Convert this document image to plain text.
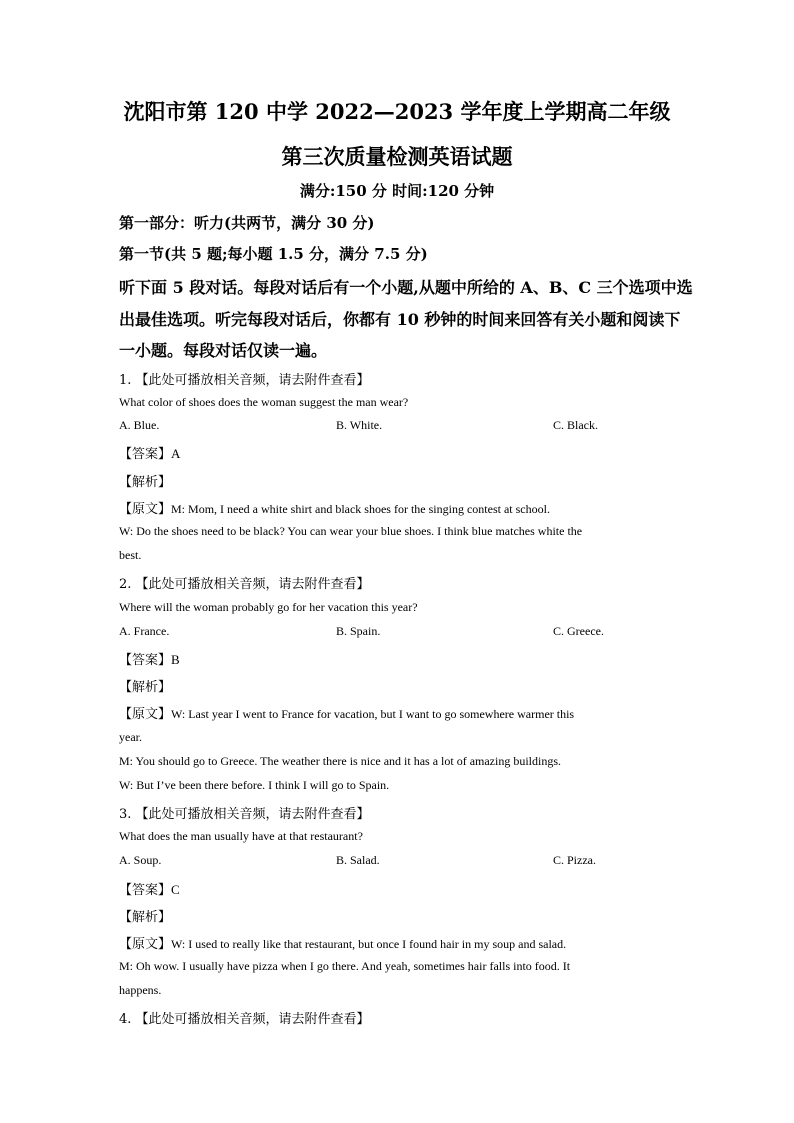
沈阳市第 120 中学 2022—2023 学年度上学期高二年级
第三次质量检测英语试题
满分:150 分 时间:120 分钟
第一部分：听力(共两节，满分 30 分)
第一节(共 5 题;每小题 1.5 分，满分 7.5 分)
听下面 5 段对话。每段对话后有一个小题,从题中所给的 A、B、C 三个选项中选
出最佳选项。听完每段对话后，你都有 10 秒钟的时间来回答有关小题和阅读下
一小题。每段对话仅读一遍。
1. 【此处可播放相关音频，请去附件查看】
What color of shoes does the woman suggest the man wear?
A. Blue.	B. White.	C. Black.
【答案】A
【解析】
【原文】M: Mom, I need a white shirt and black shoes for the singing contest at school.
W: Do the shoes need to be black? You can wear your blue shoes. I think blue matches white the
best.
2. 【此处可播放相关音频，请去附件查看】
Where will the woman probably go for her vacation this year?
A. France.	B. Spain.	C. Greece.
【答案】B
【解析】
【原文】W: Last year I went to France for vacation, but I want to go somewhere warmer this
year.
M: You should go to Greece. The weather there is nice and it has a lot of amazing buildings.
W: But I’ve been there before. I think I will go to Spain.
3. 【此处可播放相关音频，请去附件查看】
What does the man usually have at that restaurant?
A. Soup.	B. Salad.	C. Pizza.
【答案】C
【解析】
【原文】W: I used to really like that restaurant, but once I found hair in my soup and salad.
M: Oh wow. I usually have pizza when I go there. And yeah, sometimes hair falls into food. It
happens.
4. 【此处可播放相关音频，请去附件查看】
